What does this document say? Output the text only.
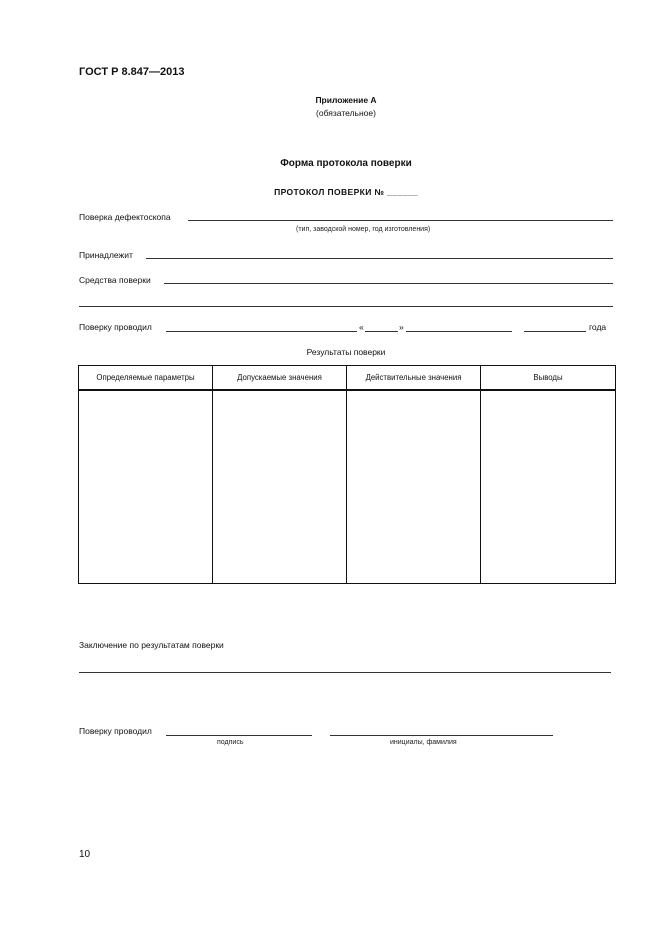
ГОСТ Р 8.847—2013
Приложение А
(обязательное)
Форма протокола поверки
ПРОТОКОЛ ПОВЕРКИ № ______
Поверка дефектоскопа
(тип, заводской номер, год изготовления)
Принадлежит
Средства поверки
Поверку проводил	«	»	года
Результаты поверки
Определяемые параметры	Допускаемые значения	Действительные значения	Выводы

Заключение по результатам поверки
Поверку проводил
подпись	инициалы, фамилия
10
